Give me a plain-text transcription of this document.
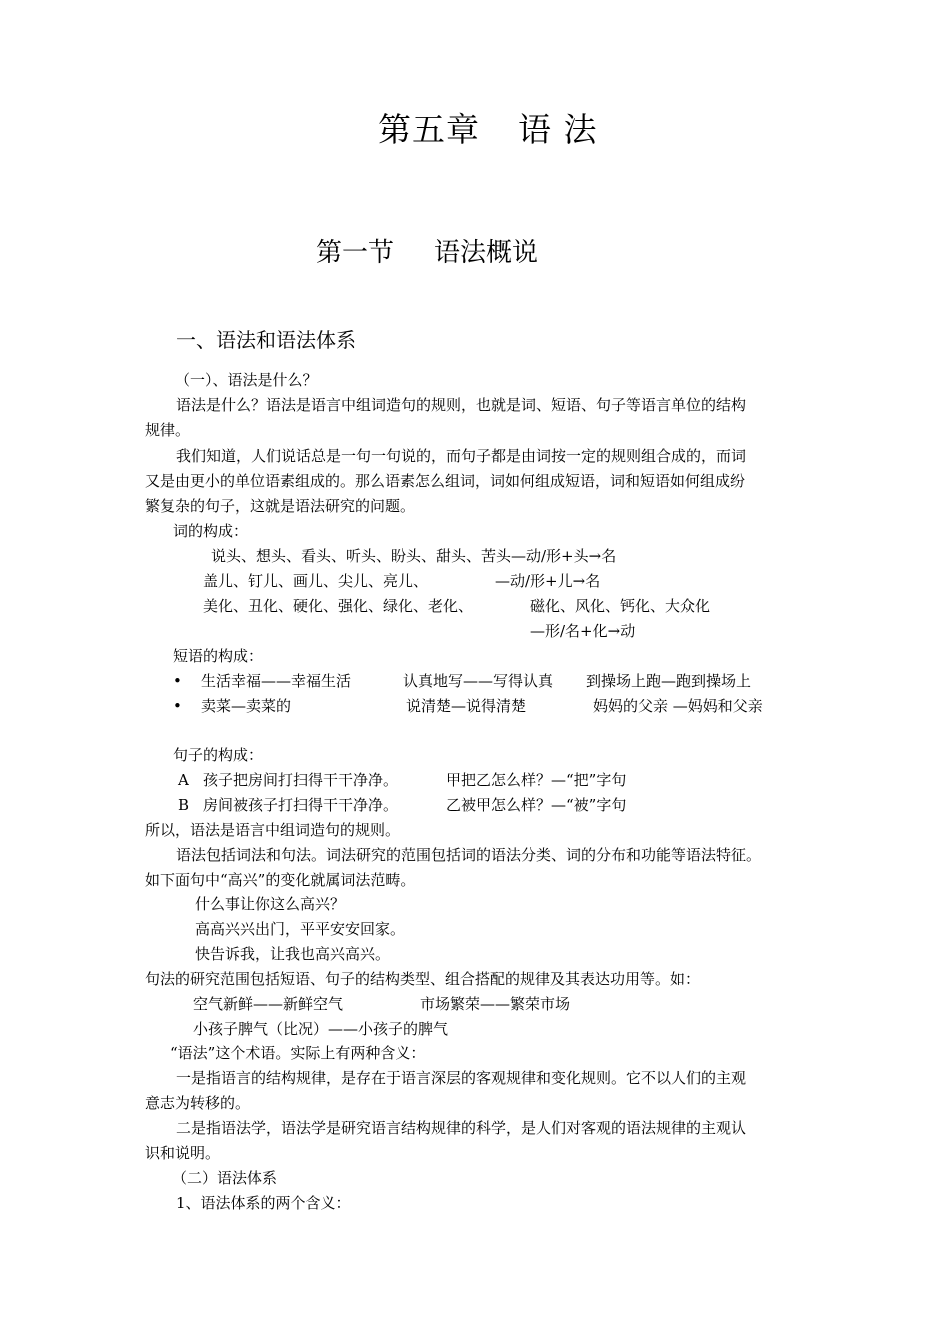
第五章 语 法
第一节 语法概说
一、语法和语法体系
（一）、语法是什么？
语法是什么？语法是语言中组词造句的规则，也就是词、短语、句子等语言单位的结构
规律。
我们知道，人们说话总是一句一句说的，而句子都是由词按一定的规则组合成的，而词
又是由更小的单位语素组成的。那么语素怎么组词，词如何组成短语，词和短语如何组成纷
繁复杂的句子，这就是语法研究的问题。
词的构成：
说头、想头、看头、听头、盼头、甜头、苦头—动/形+头→名
盖儿、钉儿、画儿、尖儿、亮儿、	—动/形+儿→名
美化、丑化、硬化、强化、绿化、老化、	磁化、风化、钙化、大众化
—形/名+化→动
短语的构成：
• 生活幸福——幸福生活	认真地写——写得认真 到操场上跑—跑到操场上
• 卖菜—卖菜的	说清楚—说得清楚	妈妈的父亲 —妈妈和父亲
句子的构成：
A 孩子把房间打扫得干干净净。	甲把乙怎么样？—“把”字句
B 房间被孩子打扫得干干净净。	乙被甲怎么样？—“被”字句
所以，语法是语言中组词造句的规则。
语法包括词法和句法。词法研究的范围包括词的语法分类、词的分布和功能等语法特征。
如下面句中“高兴”的变化就属词法范畴。
什么事让你这么高兴？
高高兴兴出门，平平安安回家。
快告诉我，让我也高兴高兴。
句法的研究范围包括短语、句子的结构类型、组合搭配的规律及其表达功用等。如：
空气新鲜——新鲜空气	市场繁荣——繁荣市场
小孩子脾气（比况）——小孩子的脾气
“语法”这个术语。实际上有两种含义：
一是指语言的结构规律，是存在于语言深层的客观规律和变化规则。它不以人们的主观
意志为转移的。
二是指语法学，语法学是研究语言结构规律的科学，是人们对客观的语法规律的主观认
识和说明。
（二）语法体系
1、语法体系的两个含义：
